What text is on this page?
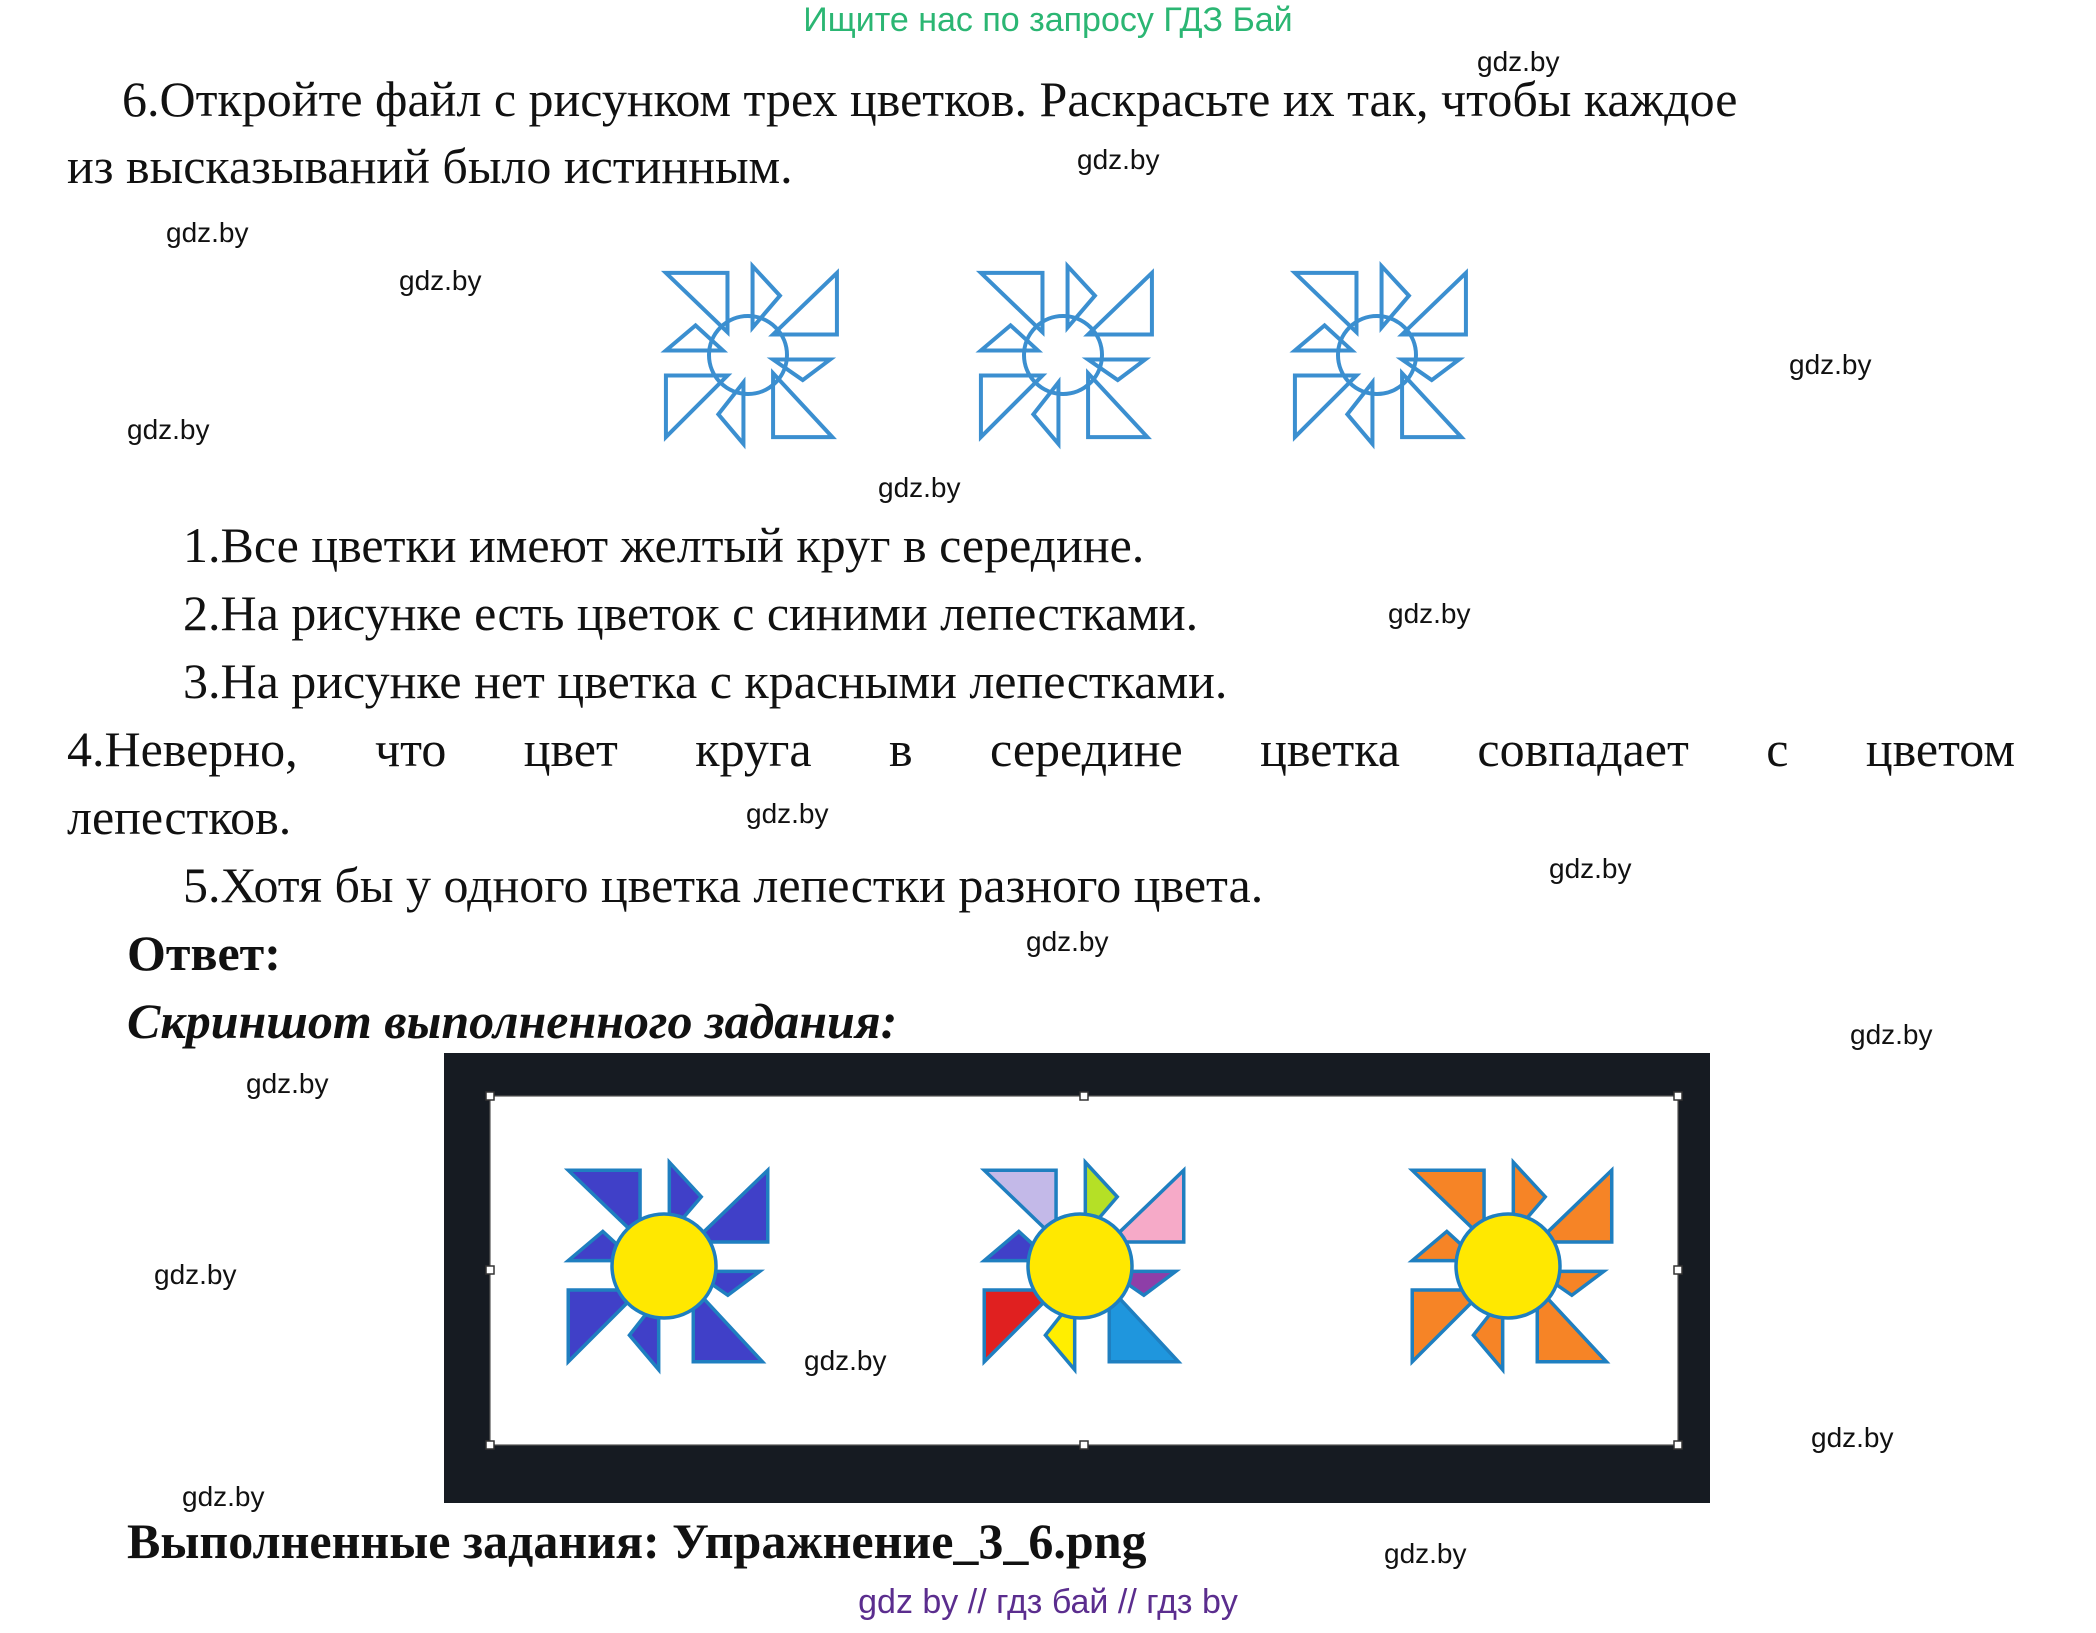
Ищите нас по запросу ГДЗ Бай
6.Откройте файл с рисунком трех цветков. Раскрасьте их так, чтобы каждое
из высказываний было истинным.
1.Все цветки имеют желтый круг в середине.
2.На рисунке есть цветок с синими лепестками.
3.На рисунке нет цветка с красными лепестками.
4.Неверно, что цвет круга в середине цветка совпадает с цветом
лепестков.
5.Хотя бы у одного цветка лепестки разного цвета.
Ответ:
Скриншот выполненного задания:
Выполненные задания: Упражнение_3_6.png
gdz.by
gdz.by
gdz.by
gdz.by
gdz.by
gdz.by
gdz.by
gdz.by
gdz.by
gdz.by
gdz.by
gdz.by
gdz.by
gdz.by
gdz.by
gdz.by
gdz.by
gdz.by
gdz by // гдз бай // гдз by
